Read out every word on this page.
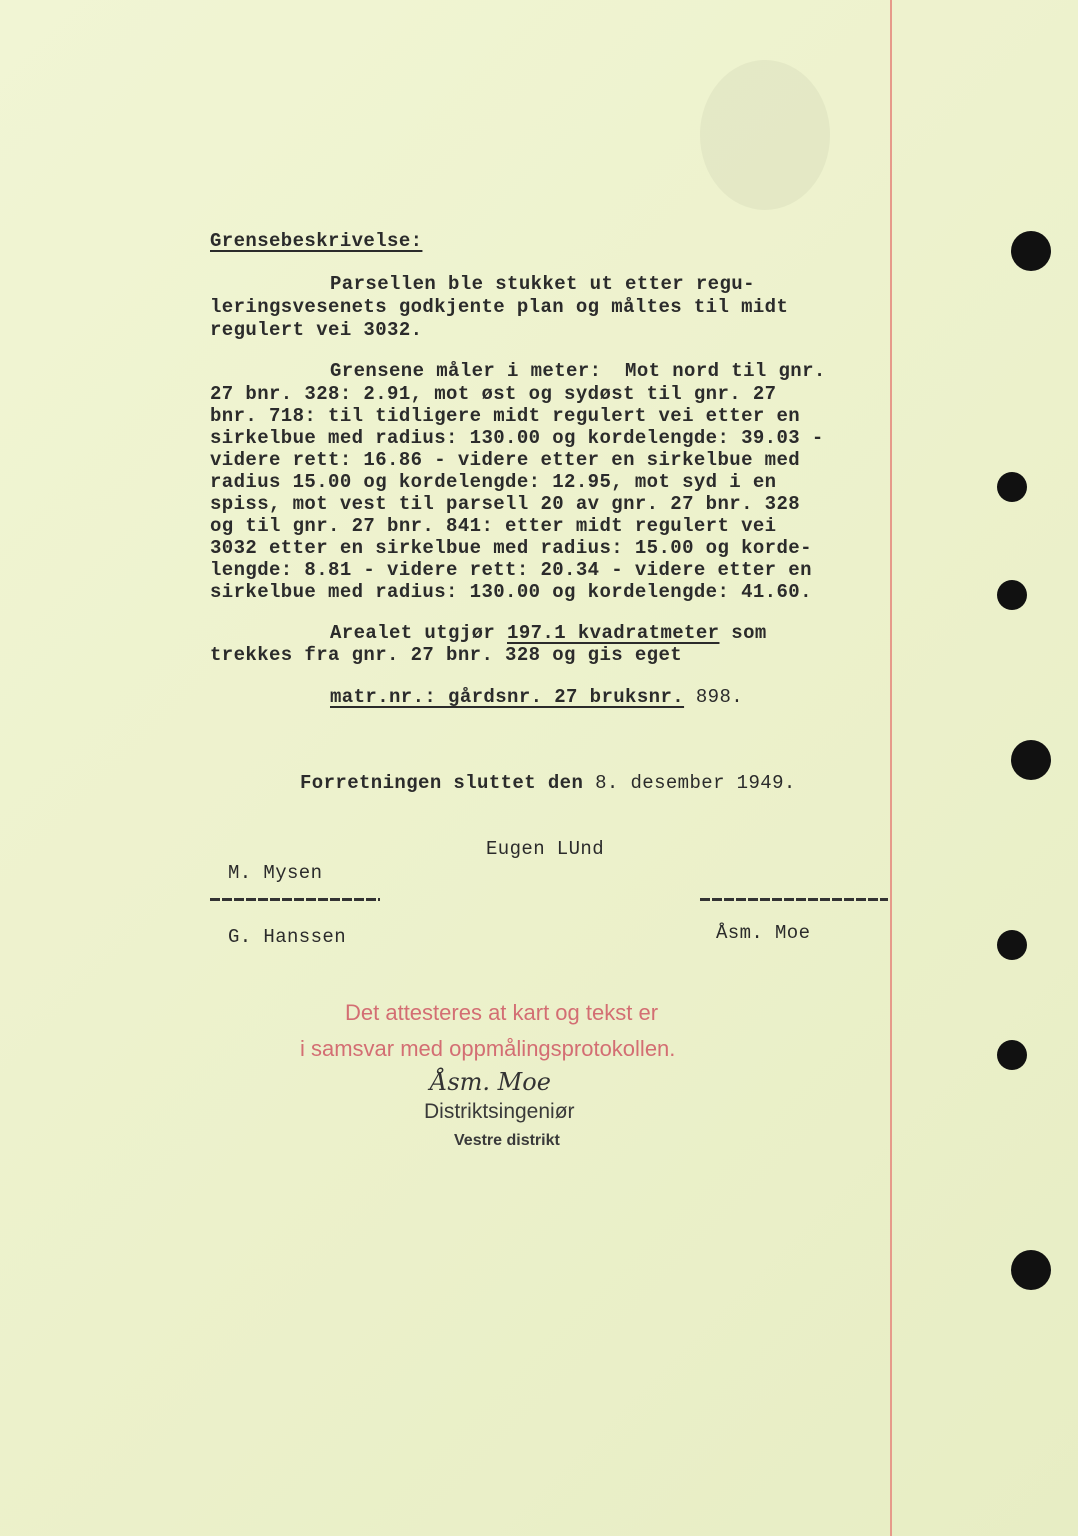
Grensebeskrivelse:
Parsellen ble stukket ut etter regu-
leringsvesenets godkjente plan og måltes til midt
regulert vei 3032.
Grensene måler i meter:  Mot nord til gnr.
27 bnr. 328: 2.91, mot øst og sydøst til gnr. 27
bnr. 718: til tidligere midt regulert vei etter en
sirkelbue med radius: 130.00 og kordelengde: 39.03 -
videre rett: 16.86 - videre etter en sirkelbue med
radius 15.00 og kordelengde: 12.95, mot syd i en
spiss, mot vest til parsell 20 av gnr. 27 bnr. 328
og til gnr. 27 bnr. 841: etter midt regulert vei
3032 etter en sirkelbue med radius: 15.00 og korde-
lengde: 8.81 - videre rett: 20.34 - videre etter en
sirkelbue med radius: 130.00 og kordelengde: 41.60.
Arealet utgjør 197.1 kvadratmeter som
trekkes fra gnr. 27 bnr. 328 og gis eget
matr.nr.: gårdsnr. 27 bruksnr. 898.
Forretningen sluttet den 8. desember 1949.
Eugen LUnd
M. Mysen
G. Hanssen	Åsm. Moe
Det attesteres at kart og tekst er
i samsvar med oppmålingsprotokollen.
Åsm. Moe
Distriktsingeniør
Vestre distrikt
